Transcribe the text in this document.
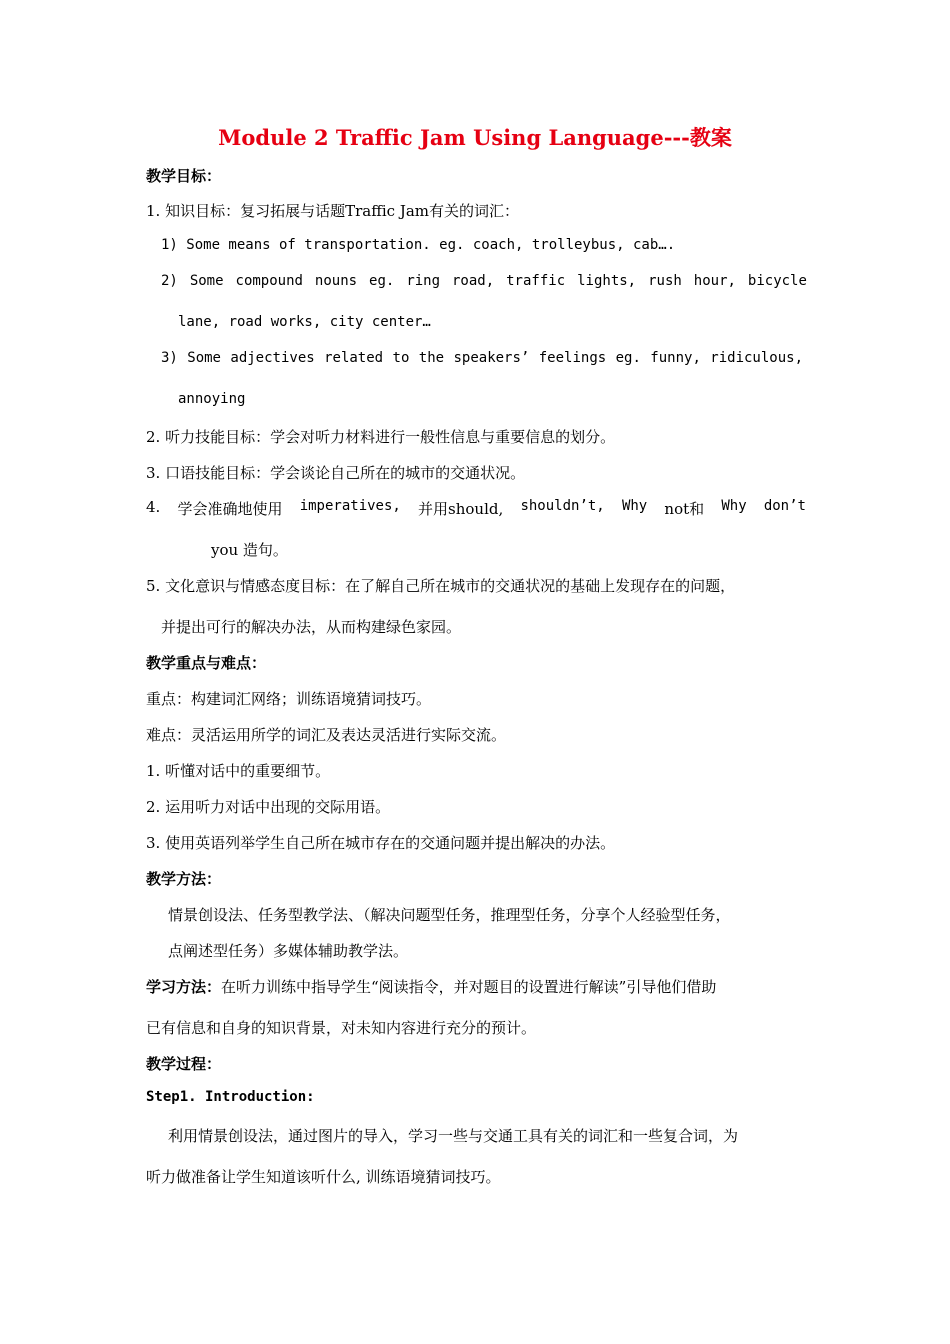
Module 2 Traffic Jam Using Language---教案
教学目标：
1. 知识目标：复习拓展与话题Traffic Jam有关的词汇：
1) Some means of transportation. eg. coach, trolleybus, cab….
2) Some compound nouns eg. ring road, traffic lights, rush hour, bicycle
lane, road works, city center…
3) Some adjectives related to the speakers’ feelings eg. funny, ridiculous,
annoying
2. 听力技能目标：学会对听力材料进行一般性信息与重要信息的划分。
3. 口语技能目标：学会谈论自己所在的城市的交通状况。
4. 学会准确地使用 imperatives, 并用should, shouldn’t, Why not和 Why don’t
you 造句。
5. 文化意识与情感态度目标：在了解自己所在城市的交通状况的基础上发现存在的问题，
并提出可行的解决办法，从而构建绿色家园。
教学重点与难点：
重点：构建词汇网络；训练语境猜词技巧。
难点：灵活运用所学的词汇及表达灵活进行实际交流。
1. 听懂对话中的重要细节。
2. 运用听力对话中出现的交际用语。
3. 使用英语列举学生自己所在城市存在的交通问题并提出解决的办法。
教学方法：
情景创设法、任务型教学法、（解决问题型任务，推理型任务，分享个人经验型任务，
点阐述型任务）多媒体辅助教学法。
学习方法：在听力训练中指导学生“阅读指令，并对题目的设置进行解读”引导他们借助
已有信息和自身的知识背景，对未知内容进行充分的预计。
教学过程：
Step1. Introduction:
利用情景创设法，通过图片的导入，学习一些与交通工具有关的词汇和一些复合词，为
听力做准备让学生知道该听什么, 训练语境猜词技巧。
